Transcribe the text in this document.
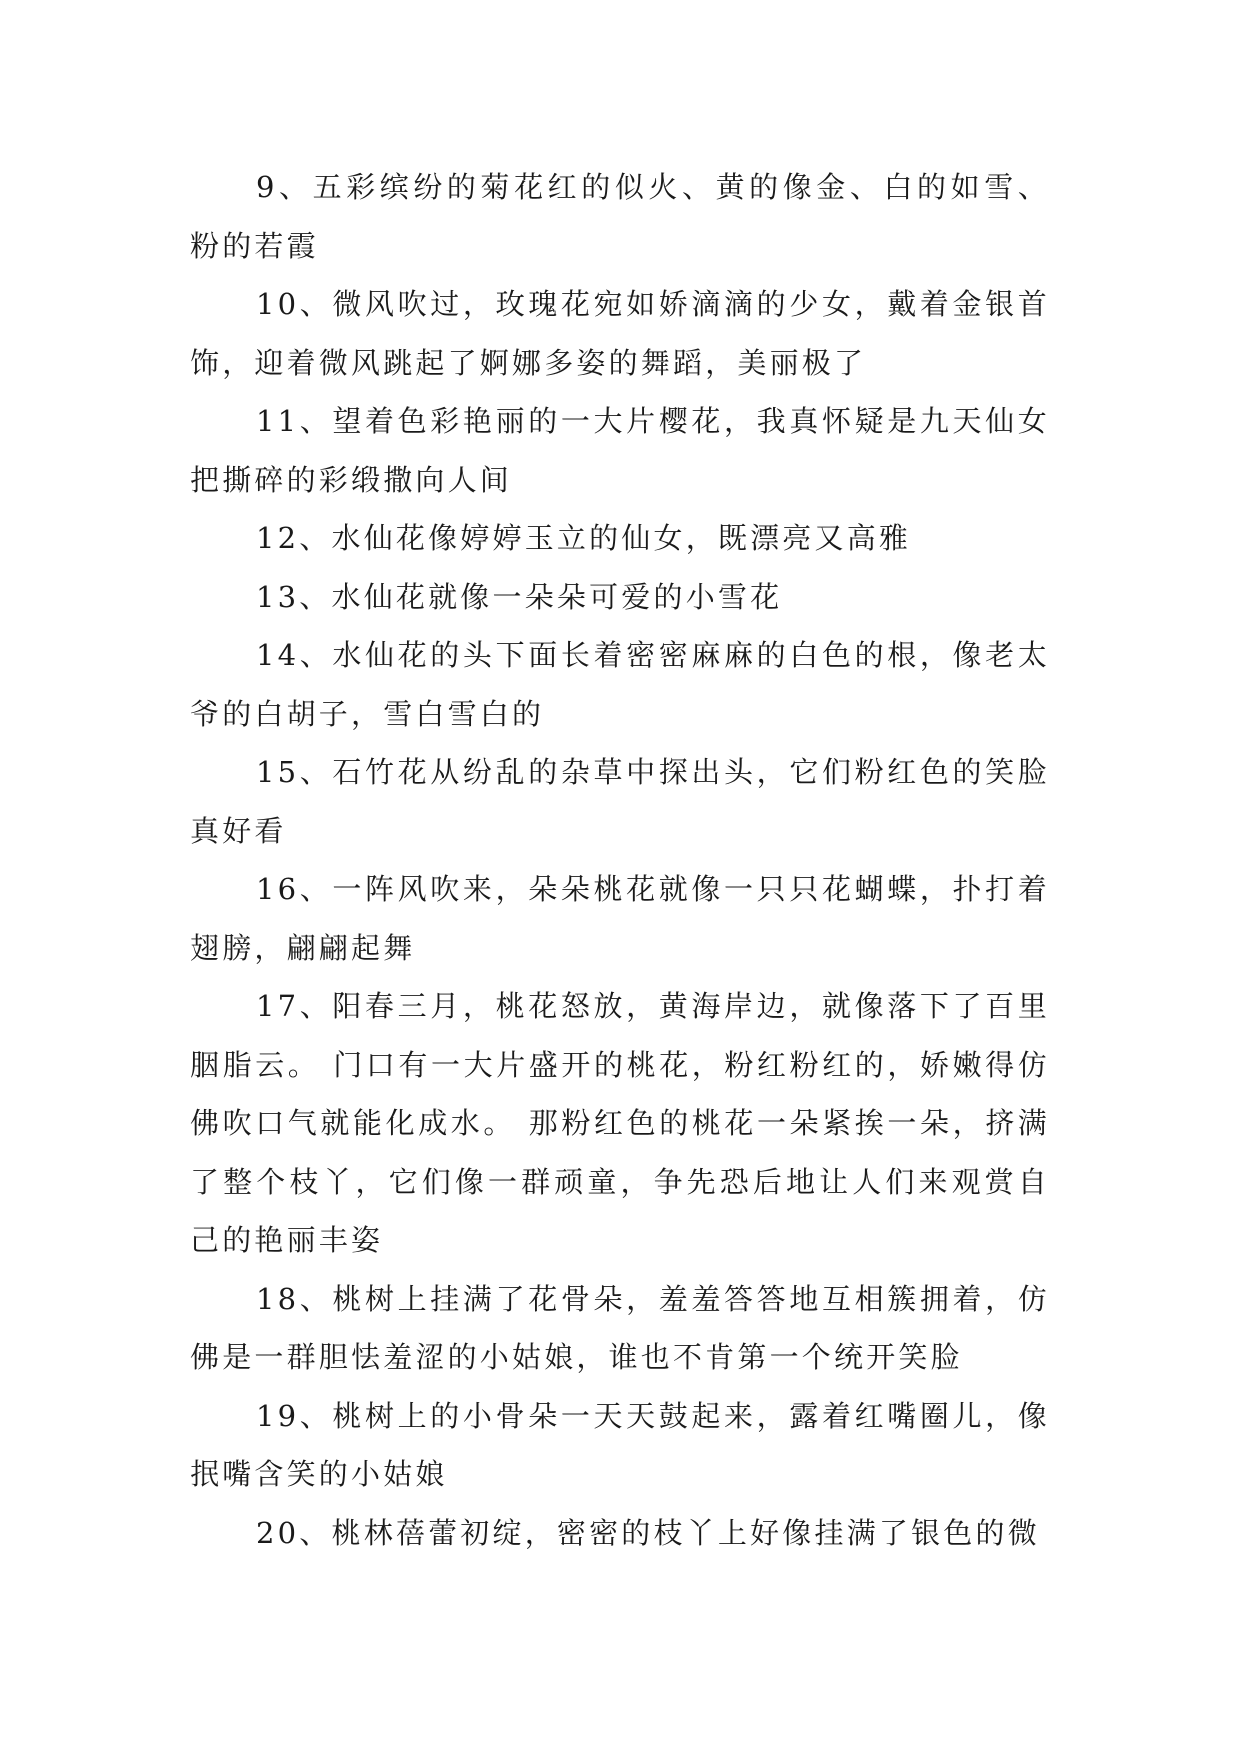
9、五彩缤纷的菊花红的似火、黄的像金、白的如雪、粉的若霞

10、微风吹过，玫瑰花宛如娇滴滴的少女，戴着金银首饰，迎着微风跳起了婀娜多姿的舞蹈，美丽极了

11、望着色彩艳丽的一大片樱花，我真怀疑是九天仙女把撕碎的彩缎撒向人间

12、水仙花像婷婷玉立的仙女，既漂亮又高雅

13、水仙花就像一朵朵可爱的小雪花

14、水仙花的头下面长着密密麻麻的白色的根，像老太爷的白胡子，雪白雪白的

15、石竹花从纷乱的杂草中探出头，它们粉红色的笑脸真好看

16、一阵风吹来，朵朵桃花就像一只只花蝴蝶，扑打着翅膀，翩翩起舞

17、阳春三月，桃花怒放，黄海岸边，就像落下了百里胭脂云。 门口有一大片盛开的桃花，粉红粉红的，娇嫩得仿佛吹口气就能化成水。 那粉红色的桃花一朵紧挨一朵，挤满了整个枝丫，它们像一群顽童，争先恐后地让人们来观赏自己的艳丽丰姿

18、桃树上挂满了花骨朵，羞羞答答地互相簇拥着，仿佛是一群胆怯羞涩的小姑娘，谁也不肯第一个统开笑脸

19、桃树上的小骨朵一天天鼓起来，露着红嘴圈儿，像抿嘴含笑的小姑娘

20、桃林蓓蕾初绽，密密的枝丫上好像挂满了银色的微
